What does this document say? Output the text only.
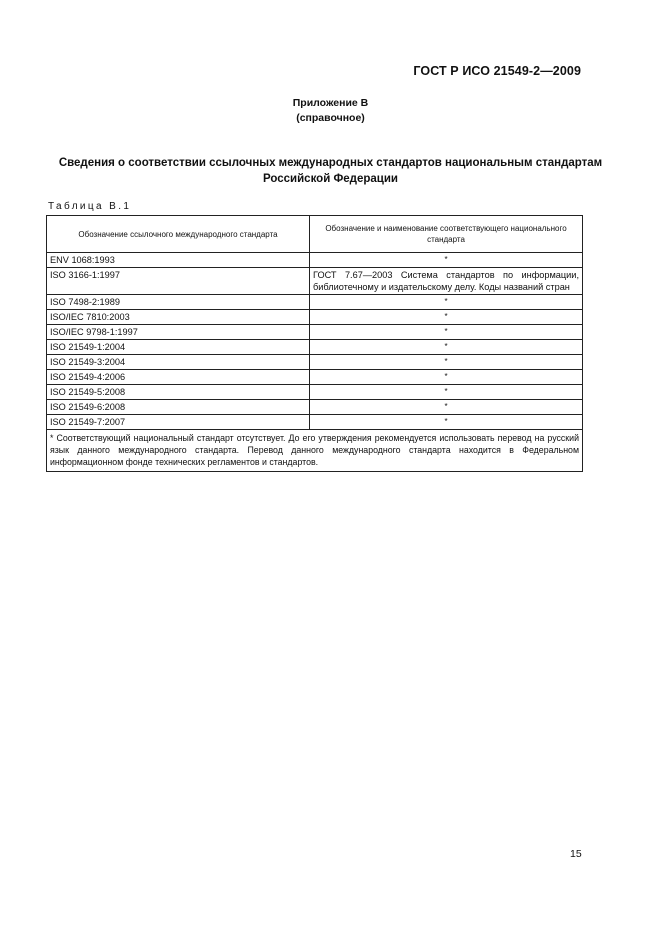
ГОСТ Р ИСО 21549-2—2009
Приложение В
(справочное)
Сведения о соответствии ссылочных международных стандартов национальным стандартам
Российской Федерации
Таблица В.1
Обозначение ссылочного международного стандарта	Обозначение и наименование соответствующего национального стандарта
ENV 1068:1993	*
ISO 3166-1:1997	ГОСТ 7.67—2003 Система стандартов по информации, библиотечному и издательскому делу. Коды названий стран
ISO 7498-2:1989	*
ISO/IEC 7810:2003	*
ISO/IEC 9798-1:1997	*
ISO 21549-1:2004	*
ISO 21549-3:2004	*
ISO 21549-4:2006	*
ISO 21549-5:2008	*
ISO 21549-6:2008	*
ISO 21549-7:2007	*
* Соответствующий национальный стандарт отсутствует. До его утверждения рекомендуется использовать перевод на русский язык данного международного стандарта. Перевод данного международного стандарта находится в Федеральном информационном фонде технических регламентов и стандартов.	
15
